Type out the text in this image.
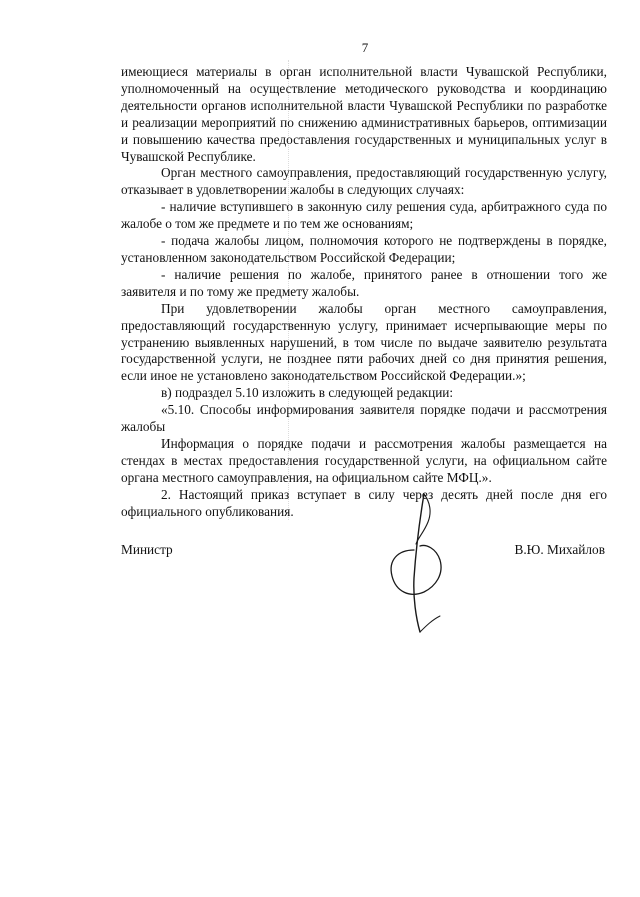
7

имеющиеся материалы в орган исполнительной власти Чувашской Республики, уполномоченный на осуществление методического руководства и координацию деятельности органов исполнительной власти Чувашской Республики по разработке и реализации мероприятий по снижению административных барьеров, оптимизации и повышению качества предоставления государственных и муниципальных услуг в Чувашской Республике.

Орган местного самоуправления, предоставляющий государственную услугу, отказывает в удовлетворении жалобы в следующих случаях:

- наличие вступившего в законную силу решения суда, арбитражного суда по жалобе о том же предмете и по тем же основаниям;

- подача жалобы лицом, полномочия которого не подтверждены в порядке, установленном законодательством Российской Федерации;

- наличие решения по жалобе, принятого ранее в отношении того же заявителя и по тому же предмету жалобы.

При удовлетворении жалобы орган местного самоуправления, предоставляющий государственную услугу, принимает исчерпывающие меры по устранению выявленных нарушений, в том числе по выдаче заявителю результата государственной услуги, не позднее пяти рабочих дней со дня принятия решения, если иное не установлено законодательством Российской Федерации.»;

в) подраздел 5.10 изложить в следующей редакции:

«5.10. Способы информирования заявителя порядке подачи и рассмотрения жалобы

Информация о порядке подачи и рассмотрения жалобы размещается на стендах в местах предоставления государственной услуги, на официальном сайте органа местного самоуправления, на официальном сайте МФЦ.».

2. Настоящий приказ вступает в силу через десять дней после дня его официального опубликования.

Министр	В.Ю. Михайлов
